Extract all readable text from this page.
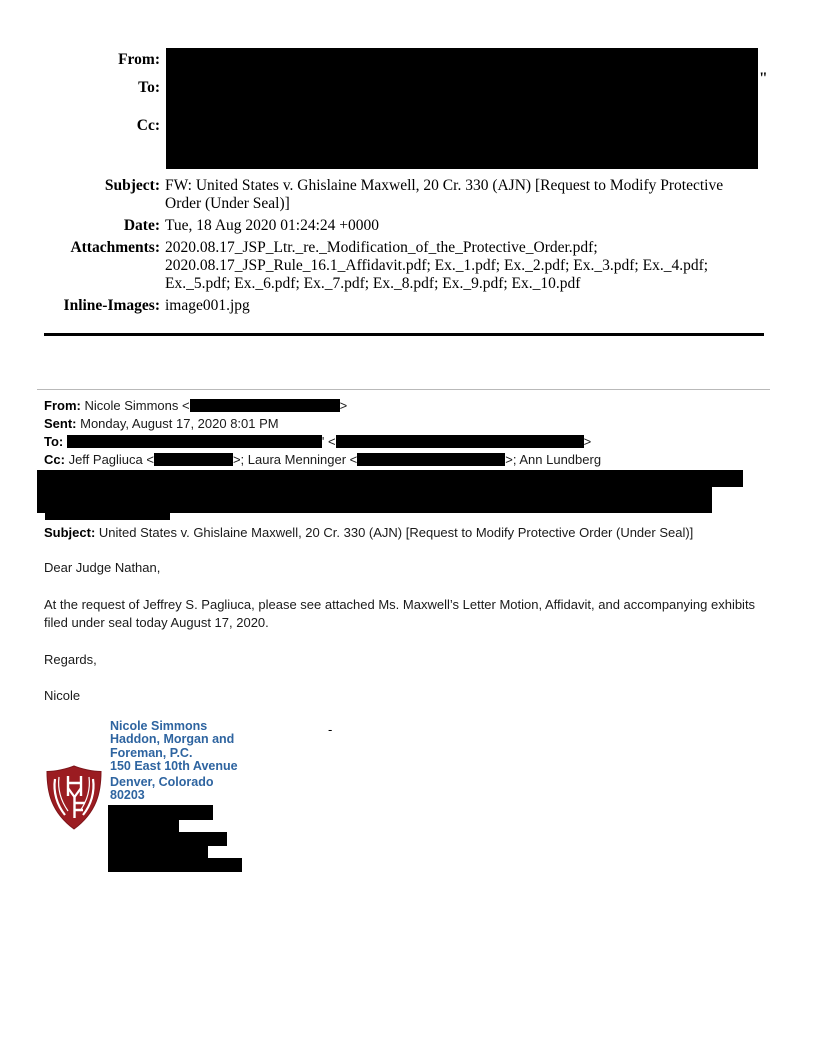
From:
To:
Cc:
"
Subject: FW: United States v. Ghislaine Maxwell, 20 Cr. 330 (AJN) [Request to Modify Protective
Order (Under Seal)]
Date: Tue, 18 Aug 2020 01:24:24 +0000
Attachments: 2020.08.17_JSP_Ltr._re._Modification_of_the_Protective_Order.pdf;
2020.08.17_JSP_Rule_16.1_Affidavit.pdf; Ex._1.pdf; Ex._2.pdf; Ex._3.pdf; Ex._4.pdf;
Ex._5.pdf; Ex._6.pdf; Ex._7.pdf; Ex._8.pdf; Ex._9.pdf; Ex._10.pdf
Inline-Images: image001.jpg
From: Nicole Simmons <	>
Sent: Monday, August 17, 2020 8:01 PM
To:	' <	>
Cc: Jeff Pagliuca <	>; Laura Menninger <	>; Ann Lundberg
Subject: United States v. Ghislaine Maxwell, 20 Cr. 330 (AJN) [Request to Modify Protective Order (Under Seal)]
Dear Judge Nathan,
At the request of Jeffrey S. Pagliuca, please see attached Ms. Maxwell’s Letter Motion, Affidavit, and accompanying exhibits filed under seal today August 17, 2020.
Regards,
Nicole
-
Nicole Simmons
Haddon, Morgan and
Foreman, P.C.
150 East 10th Avenue
Denver, Colorado
80203
